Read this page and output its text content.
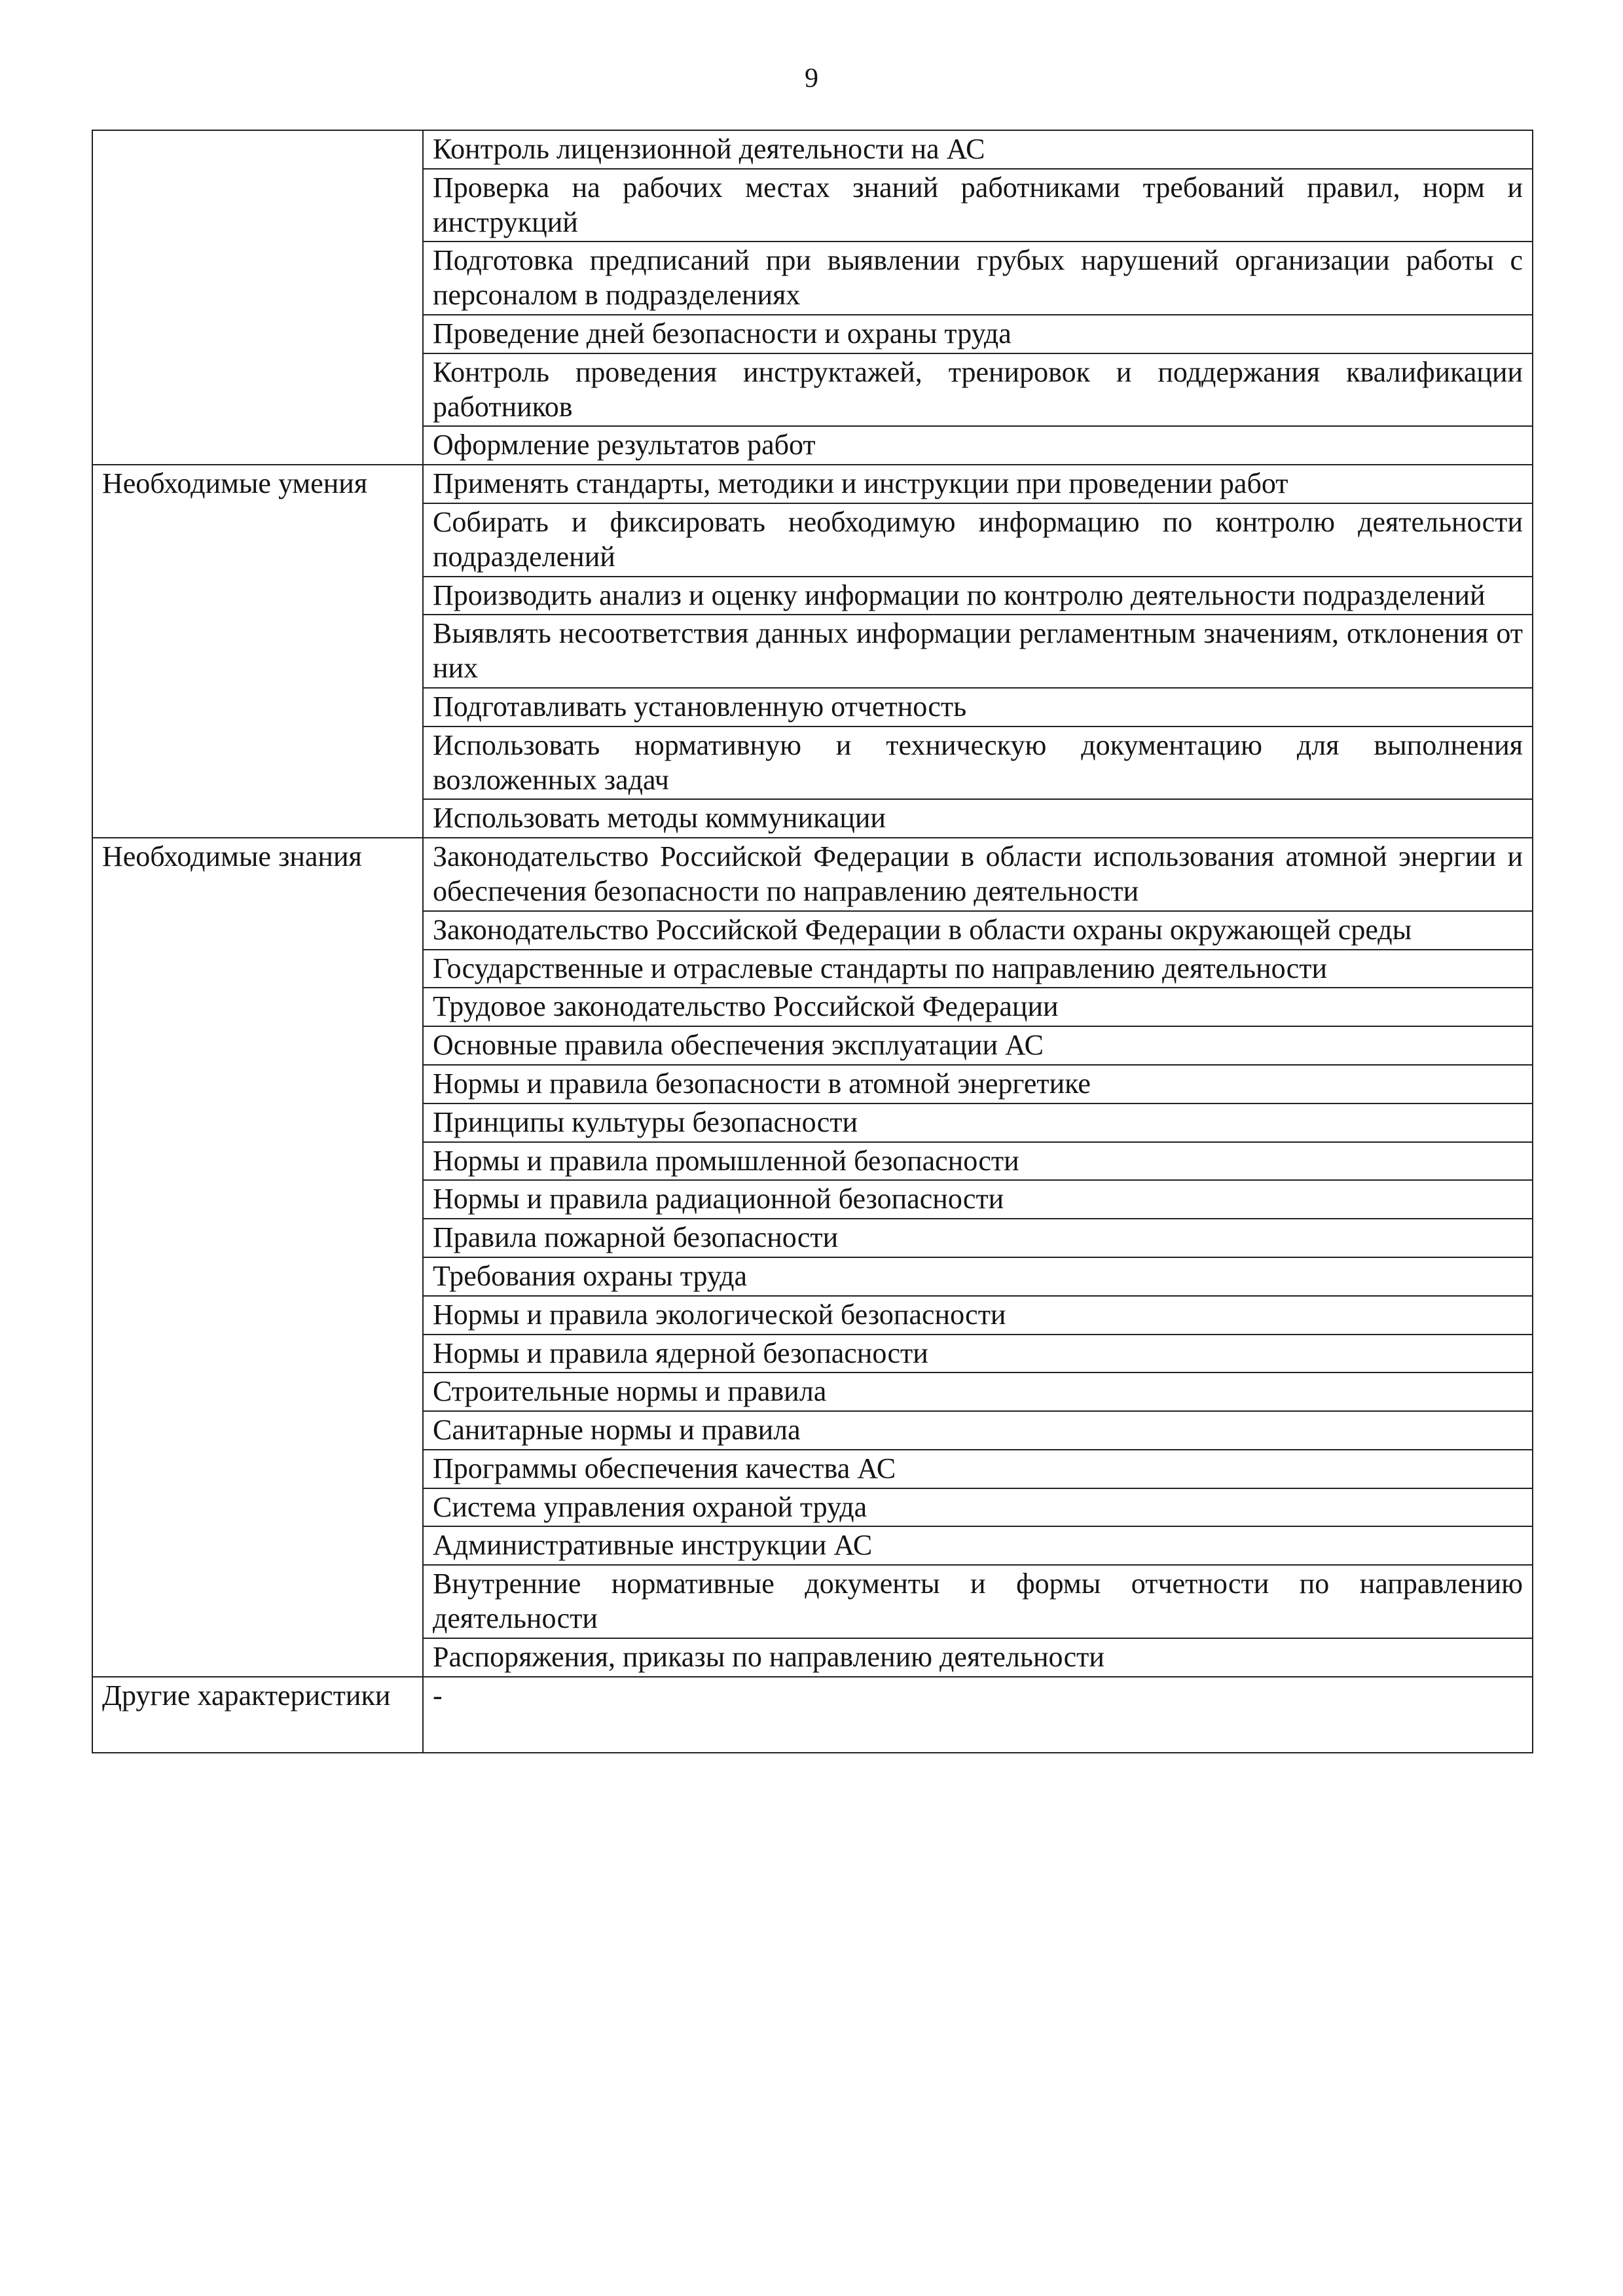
9
	Контроль лицензионной деятельности на АС
	Проверка на рабочих местах знаний работниками требований правил, норм и инструкций
	Подготовка предписаний при выявлении грубых нарушений организации работы с персоналом в подразделениях
	Проведение дней безопасности и охраны труда
	Контроль проведения инструктажей, тренировок и поддержания квалификации работников
	Оформление результатов работ
Необходимые умения	Применять стандарты, методики и инструкции при проведении работ
	Собирать и фиксировать необходимую информацию по контролю деятельности подразделений
	Производить анализ и оценку информации по контролю деятельности подразделений
	Выявлять несоответствия данных информации регламентным значениям, отклонения от них
	Подготавливать установленную отчетность
	Использовать нормативную и техническую документацию для выполнения возложенных задач
	Использовать методы коммуникации
Необходимые знания	Законодательство Российской Федерации в области использования атомной энергии и обеспечения безопасности по направлению деятельности
	Законодательство Российской Федерации в области охраны окружающей среды
	Государственные и отраслевые стандарты по направлению деятельности
	Трудовое законодательство Российской Федерации
	Основные правила обеспечения эксплуатации АС
	Нормы и правила безопасности в атомной энергетике
	Принципы культуры безопасности
	Нормы и правила промышленной безопасности
	Нормы и правила радиационной безопасности
	Правила пожарной безопасности
	Требования охраны труда
	Нормы и правила экологической безопасности
	Нормы и правила ядерной безопасности
	Строительные нормы и правила
	Санитарные нормы и правила
	Программы обеспечения качества АС
	Система управления охраной труда
	Административные инструкции АС
	Внутренние нормативные документы и формы отчетности по направлению деятельности
	Распоряжения, приказы по направлению деятельности
Другие характеристики	-
